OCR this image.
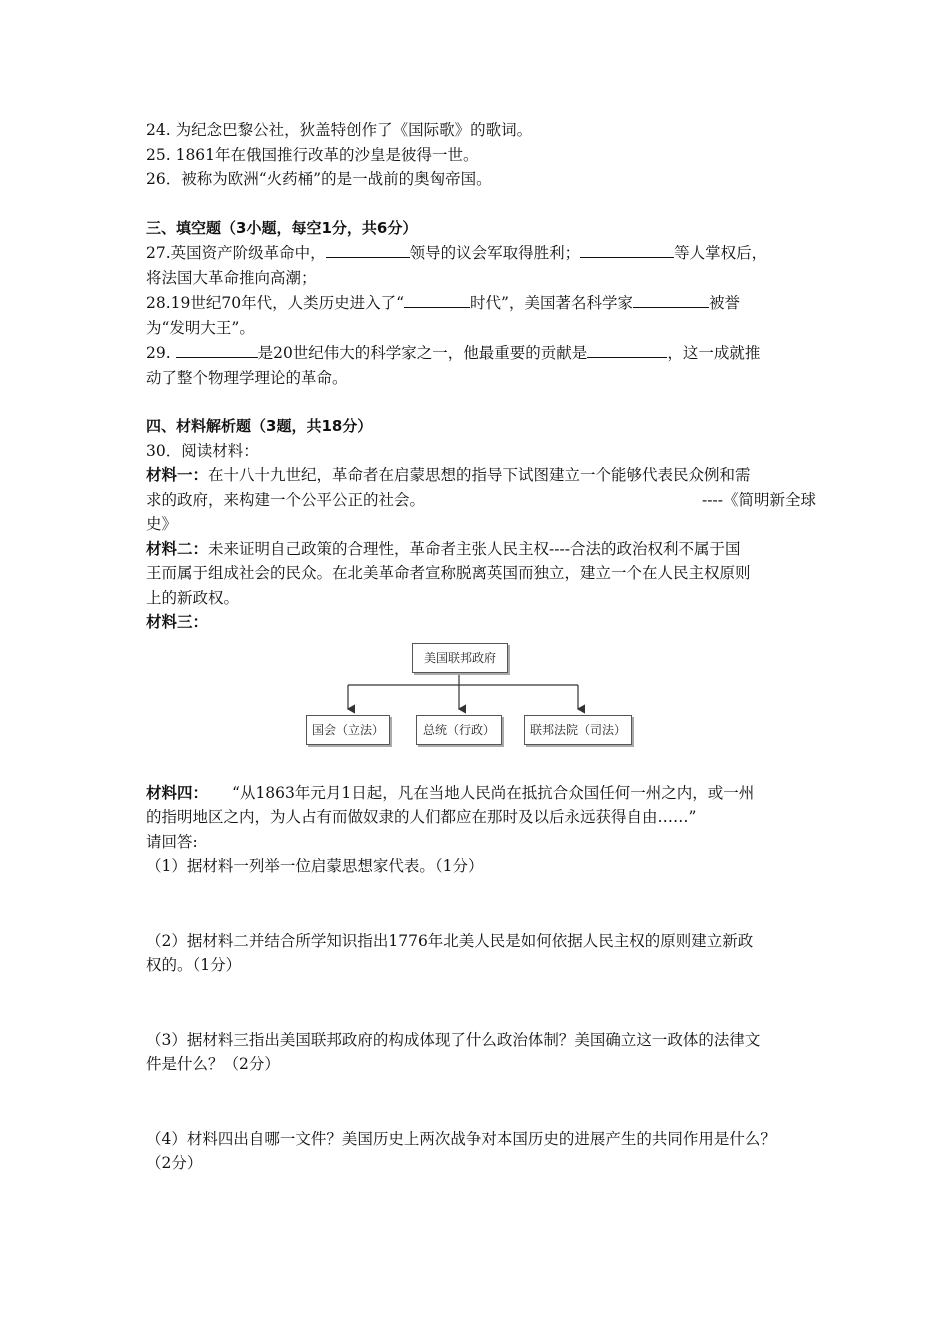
24. 为纪念巴黎公社，狄盖特创作了《国际歌》的歌词。
25. 1861年在俄国推行改革的沙皇是彼得一世。
26．被称为欧洲“火药桶”的是一战前的奥匈帝国。
三、填空题（3小题，每空1分，共6分）
27.英国资产阶级革命中，	领导的议会军取得胜利；	等人掌权后，
将法国大革命推向高潮；
28.19世纪70年代，人类历史进入了“	时代”，美国著名科学家	被誉
为“发明大王”。
29.	是20世纪伟大的科学家之一，他最重要的贡献是	，这一成就推
动了整个物理学理论的革命。
四、材料解析题（3题，共18分）
30．阅读材料：
材料一：在十八十九世纪，革命者在启蒙思想的指导下试图建立一个能够代表民众例和需
求的政府，来构建一个公平公正的社会。	----《简明新全球
史》
材料二：未来证明自己政策的合理性，革命者主张人民主权----合法的政治权利不属于国
王而属于组成社会的民众。在北美革命者宣称脱离英国而独立，建立一个在人民主权原则
上的新政权。
材料三：
美国联邦政府
国会（立法）	总统（行政）	联邦法院（司法）
材料四： “从1863年元月1日起，凡在当地人民尚在抵抗合众国任何一州之内，或一州
的指明地区之内，为人占有而做奴隶的人们都应在那时及以后永远获得自由……”
请回答:
（1）据材料一列举一位启蒙思想家代表。（1分）
（2）据材料二并结合所学知识指出1776年北美人民是如何依据人民主权的原则建立新政
权的。（1分）
（3）据材料三指出美国联邦政府的构成体现了什么政治体制？美国确立这一政体的法律文
件是什么？（2分）
（4）材料四出自哪一文件？美国历史上两次战争对本国历史的进展产生的共同作用是什么？
（2分）
